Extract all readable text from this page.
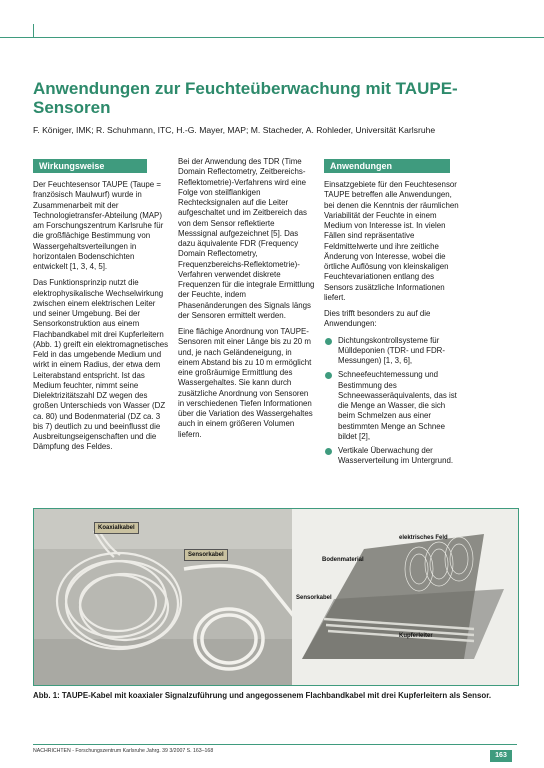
Anwendungen zur Feuchteüberwachung mit TAUPE-Sensoren
F. Königer, IMK; R. Schuhmann, ITC, H.-G. Mayer, MAP; M. Stacheder, A. Rohleder, Universität Karlsruhe
Wirkungsweise

Der Feuchtesensor TAUPE (Taupe = französisch Maulwurf) wurde in Zusammenarbeit mit der Technologietransfer-Abteilung (MAP) am Forschungszentrum Karlsruhe für die großflächige Bestimmung von Wassergehaltsverteilungen in horizontalen Bodenschichten entwickelt [1, 3, 4, 5].

Das Funktionsprinzip nutzt die elektrophysikalische Wechselwirkung zwischen einem elektrischen Leiter und seiner Umgebung. Bei der Sensorkonstruktion aus einem Flachbandkabel mit drei Kupferleitern (Abb. 1) greift ein elektromagnetisches Feld in das umgebende Medium und wirkt in einem Radius, der etwa dem Leiterabstand entspricht. Ist das Medium feuchter, nimmt seine Dielektrizitätszahl DZ wegen des großen Unterschieds von Wasser (DZ ca. 80) und Bodenmaterial (DZ ca. 3 bis 7) deutlich zu und beeinflusst die Ausbreitungseigenschaften und die Dämpfung des Feldes.

Bei der Anwendung des TDR (Time Domain Reflectometry, Zeitbereichs-Reflektometrie)-Verfahrens wird eine Folge von steilflankigen Rechtecksignalen auf die Leiter aufgeschaltet und im Zeitbereich das von dem Sensor reflektierte Messsignal aufgezeichnet [5]. Das dazu äquivalente FDR (Frequency Domain Reflectometry, Frequenzbereichs-Reflektometrie)-Verfahren verwendet diskrete Frequenzen für die integrale Ermittlung der Feuchte, indem Phasenänderungen des Signals längs der Sensoren ermittelt werden.

Eine flächige Anordnung von TAUPE-Sensoren mit einer Länge bis zu 20 m und, je nach Geländeneigung, in einem Abstand bis zu 10 m ermöglicht eine großräumige Ermittlung des Wassergehaltes. Sie kann durch zusätzliche Anordnung von Sensoren in verschiedenen Tiefen Informationen über die Variation des Wassergehaltes auch in einem größeren Volumen liefern.

Anwendungen

Einsatzgebiete für den Feuchtesensor TAUPE betreffen alle Anwendungen, bei denen die Kenntnis der räumlichen Variabilität der Feuchte in einem Medium von Interesse ist. In vielen Fällen sind repräsentative Feldmittelwerte und ihre zeitliche Änderung von Interesse, wobei die örtliche Auflösung von kleinskaligen Feuchtevariationen entlang des Sensors zusätzliche Informationen liefert.

Dies trifft besonders zu auf die Anwendungen:

Dichtungskontrollsysteme für Mülldeponien (TDR- und FDR-Messungen) [1, 3, 6],
Schneefeuchtemessung und Bestimmung des Schneewasseräquivalents, das ist die Menge an Wasser, die sich beim Schmelzen aus einer bestimmten Menge an Schnee bildet [2],
Vertikale Überwachung der Wasserverteilung im Untergrund.
elektrisches Feld
Bodenmaterial
Sensorkabel
Kupferleiter
Koaxialkabel
Sensorkabel
Abb. 1: TAUPE-Kabel mit koaxialer Signalzuführung und angegossenem Flachbandkabel mit drei Kupferleitern als Sensor.
NACHRICHTEN - Forschungszentrum Karlsruhe Jahrg. 39 3/2007 S. 163–168
163
